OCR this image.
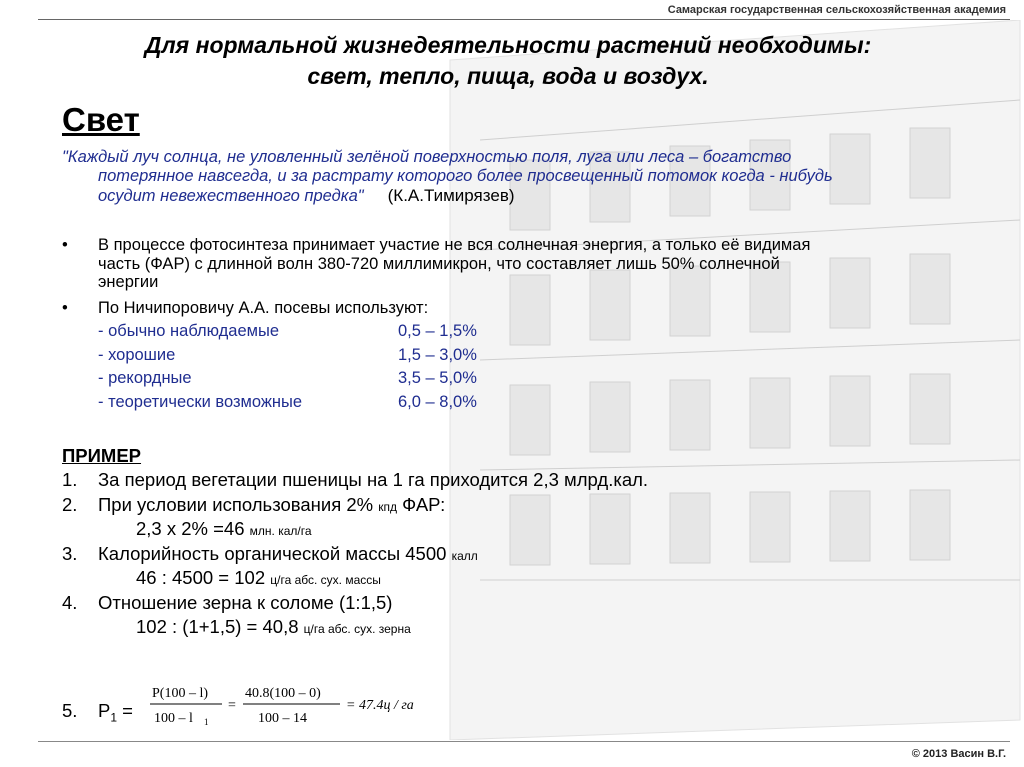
Самарская государственная сельскохозяйственная академия
Для нормальной жизнедеятельности растений необходимы:
свет, тепло, пища, вода и воздух.
Свет
"Каждый луч солнца, не уловленный зелёной поверхностью поля, луга или леса – богатство
потерянное навсегда, и за растрату которого более просвещенный потомок когда - нибудь
осудит невежественного предка" (К.А.Тимирязев)
• В процессе фотосинтеза принимает участие не вся солнечная энергия, а только её видимая
часть (ФАР) с длинной волн 380-720 миллимикрон, что составляет лишь 50% солнечной
энергии
• По Ничипоровичу А.А. посевы используют:
- обычно наблюдаемые	0,5 – 1,5%
- хорошие	1,5 – 3,0%
- рекордные	3,5 – 5,0%
- теоретически возможные	6,0 – 8,0%
ПРИМЕР
1. За период вегетации пшеницы на 1 га приходится 2,3 млрд.кал.
2. При условии использования 2% кпд ФАР:
2,3 х 2% =46 млн. кал/га
3. Калорийность органической массы 4500 калл
46 : 4500 = 102 ц/га абс. сух. массы
4. Отношение зерна к соломе (1:1,5)
102 : (1+1,5) = 40,8 ц/га абс. сух. зерна
5. $P_1$ =
P(100 – l)
100 – l 1
=
40.8(100 – 0)
100 – 14
= 47.4ц / га
© 2013 Васин В.Г.
